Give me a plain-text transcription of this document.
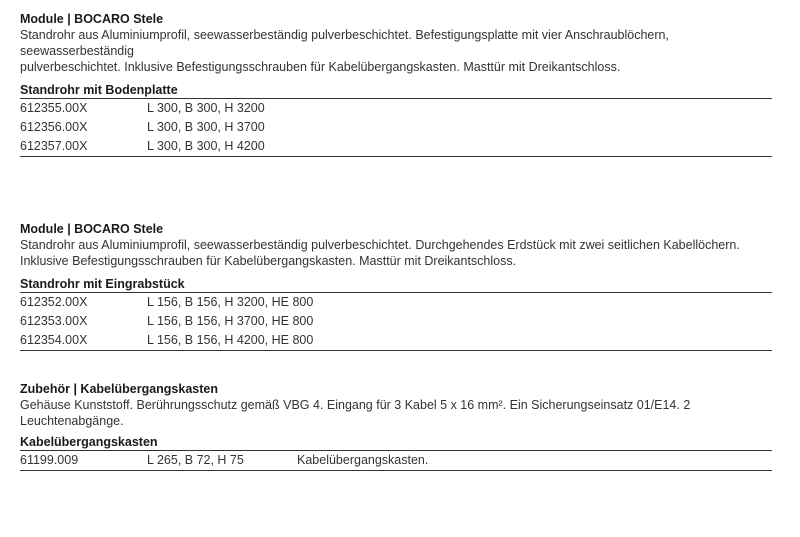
Module | BOCARO Stele
Standrohr aus Aluminiumprofil, seewasserbeständig pulverbeschichtet. Befestigungsplatte mit vier Anschraublöchern, seewasserbeständig
pulverbeschichtet. Inklusive Befestigungsschrauben für Kabelübergangskasten. Masttür mit Dreikantschloss.
Standrohr mit Bodenplatte
612355.00X	L 300, B 300, H 3200
612356.00X	L 300, B 300, H 3700
612357.00X	L 300, B 300, H 4200
Module | BOCARO Stele
Standrohr aus Aluminiumprofil, seewasserbeständig pulverbeschichtet. Durchgehendes Erdstück mit zwei seitlichen Kabellöchern.
Inklusive Befestigungsschrauben für Kabelübergangskasten. Masttür mit Dreikantschloss.
Standrohr mit Eingrabstück
612352.00X	L 156, B 156, H 3200, HE 800
612353.00X	L 156, B 156, H 3700, HE 800
612354.00X	L 156, B 156, H 4200, HE 800
Zubehör | Kabelübergangskasten
Gehäuse Kunststoff. Berührungsschutz gemäß VBG 4. Eingang für 3 Kabel 5 x 16 mm². Ein Sicherungseinsatz 01/E14. 2 Leuchtenabgänge.
Kabelübergangskasten
61199.009	L 265, B 72, H 75	Kabelübergangskasten.
